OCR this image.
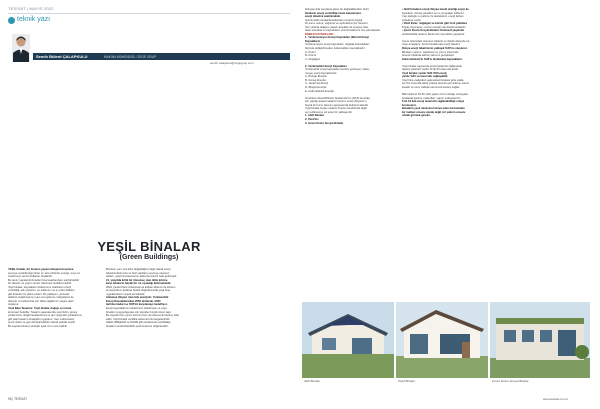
TESİSAT | MAYIS 2022
teknik yazı
Semih Bülent ÇALAPKULU	MAKİNA MÜHENDİSİ / ZEGE GRUP
semih.calapkulu@zegegrup.com
YEŞİL BİNALAR
(Green Buildings)
YEŞİL binalar, bir binanın yaşam döngüsü boyunca
çevreye verebileceği zararı en aza indirerek enerjiyi, suyu ve
malzemeyi verimli kullanan binalardır.
Bu tanım yapılandırılmadan bina tasarlanırken sürdürülebilir
bir tasarım ve yapım süreci izlenmesi hedeflenmelidir.
Yeşil binalar, kaynakların kullanımını azaltırken enerji
verimliliği, atık yönetimi, su kullanımı ve iç ortam kalitesi
gibi kriterleri ön plana çıkarır. Bu yaklaşım, çevresel
etkilerin azaltılmasının yanı sıra işletme maliyetlerini de
düşürür ve kullanıcılar için daha sağlıklı bir yaşam alanı
oluşturur.
Yeşil Bina Tasarımı: Yeşil binalar doğayı ve insanı
korumayı hedefler. Tasarım aşamasında yerel iklim, güneş
yönlenmesi, doğal havalandırma ve gün ışığından yararlanma
gibi pasif tasarım stratejileri uygulanır. Yapı malzemeleri
çevre dostu ve geri dönüştürülebilir olacak şekilde seçilir.
Bu sayede binanın ekolojik ayak izi en aza indirilir.
Bunların yanı sıra iklim değişikliğine bağlı olarak enerji
tüketimindeki artış ve fosil yakıtların çevreye olumsuz
etkileri, yeşil bina kavramını daha da önemli hale getirmiştir.
21. yüzyılda kritik bir dönemeç olan iklim krizine
karşı binaların büyük bir rol oynadığı bilinmektedir.
2022 yılında Paris Anlaşması'na katılan ülkemiz de karbon
emisyonlarını azaltma hedefi doğrultusunda yeşil bina
uygulamalarını teşvik etmektedir.
Almanya ihtiyacı olan tüm enerjinin; Yenilenebilir
Enerji Kaynaklarından 2050 tarihinde, 2030
tarihine kadar ise %65'ini karşılamayı hedefliyor.
Enerji kaynaklarının tüketiminin azaltılması ve yeşil
binaların yaygınlaşması için teşvikler büyük önem taşır.
Bu sayede hem çevre korunur hem de ekonomik kazanç elde
edilir. Yeşil binalar sertifika sistemleri ile belgelendirilir.
LEED, BREEAM ve DGNB gibi uluslararası sertifikalar
binaların sürdürülebilirlik performansını değerlendirir.
Dünyamızda meydana gelen bu değişikliklerden ötürü
binaların enerji verimliliği önem kazanmıştır,
enerji tüketimi azaltılmalıdır.
Günümüzde binalarda kullanılan enerjinin büyük
bir kısmı ısıtma, soğutma ve aydınlatma için harcanır.
Son yıllarda değişen yaşam koşulları ile enerjiye olan
talep artmakta ve kaynakların verimli kullanımı öne çıkmaktadır.
ENERJİ KAYNAKLARI:
1- Yenilenemeyen Enerji Kaynakları (Birincil Enerji
Kaynakları):
Yenilenemeyen enerji kaynakları, doğada bulundukları
biçimde değiştirilmeden kullanılabilen kaynaklardır.
A- Petrol
B- Kömür
C- Doğalgaz

2- Yenilenebilir Enerji Kaynakları:
Yenilenebilir enerji kaynakları kendini yenileyen, tüken-
meyen enerji kaynaklarıdır.
A- Rüzgar Enerjisi
B- Güneş Enerjisi
C- Jeotermal Enerji
D- Biogaz Enerjisi
E- Hidro Elektrik Enerjisi

Amerikan Ulusal Bilimler Akademisi'nin (NAS) Amerika
için yaptığı araştırmada bir binanın enerji ihtiyacının
büyük bir kısmı tasarım aşamasında belirlenmektedir.
Yeşil binalar bugün sadece binanın kendisinde değil
ayrı edilmesine yol açan bir yaklaşımdır.
1- Aktif Binalar
2- Pasif Ev
3- Çevre Dostu Sosyal Binalar
• Aktif binaların enerji ihtiyacı kendi ürettiği enerji ile
karşılanır. Güneş panelleri ve ısı pompaları kullanılır.
Yapı kabuğu ısı yalıtımı ile desteklenir, enerji fazlası
şebekeye verilir.
• Pasif Evler: doğalgaz ve kömür gibi fosil yakıtlara
ihtiyaç duymayan, ısıtma enerjisi çok düşük binalardır.
• Çevre Dostu Sosyal Binalar: Kamusal yaşamda
sürdürülebilir tasarım ilkeleri ile inşa edilen yapılardır.

Çevre üzerindeki olumsuz etkilerin en düşük düzeyde tut-
ması amaçlanır. Konut binalarında enerji tüketimi
Dünya enerji tüketiminin yaklaşık %40'ını oluşturur.
Binaların yapımı, işletilmesi ve yıkımı sürecinde
önemli miktarda karbon salınımı gerçekleşir.
Karbondioksit'in %36'sı binalardan kaynaklanır.

Yeşil binalar sayesinde enerji tasarrufu sağlanarak
işletme giderleri yüzde 30 ile 50 arasında azalır.
Yeşil binalar yüzde %30-%50 enerji,
yüzde %40 su tasarrufu sağlayabilir.
Yeşil bina maliyetleri geleneksel binalara göre yakla-
şık %2 oranında daha yüksek olsa da geri ödeme süresi
kısadır ve uzun vadede ekonomik kazanç sağlar.

Bilinmekte ki 40-50 yıllık yaşam ömrü olduğu varsayılan
binalarda işletme maliyetleri, yapım maliyetlerinin
6 ile 12 katı enerji tasarrufu sağlanabildiği ortaya
konmuştur.
Binaların yeşil olmasına hizmet eden harcamaları
bir maliyet unsuru olarak değil, bir yatırım unsuru
olarak görmek gerekir.
Aktif Binalar	Pasif Binalar	Çevre Dostu Sosyal Binalar
96 | TESİSAT	www.tesisat.com.tr
